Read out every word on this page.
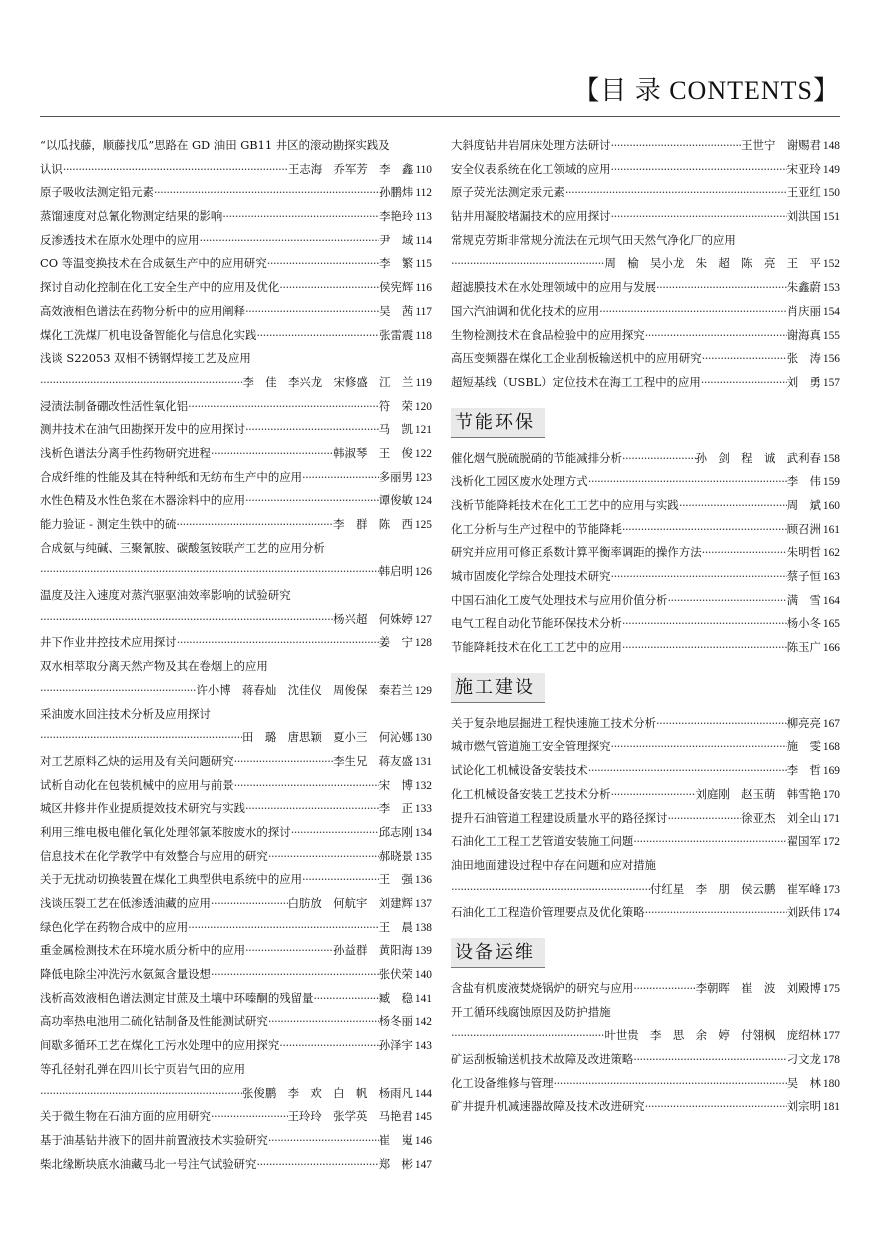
【目 录 CONTENTS】
“以瓜找藤，顺藤找瓜”思路在 GD 油田 GB11 井区的滚动勘探实践及
认识 ·····	王志海　乔军芳　李　鑫 110
原子吸收法测定铅元素 ·····	孙鹏炜 112
蒸馏速度对总氰化物测定结果的影响 ·····	李艳玲 113
反渗透技术在原水处理中的应用 ·····	尹　域 114
CO 等温变换技术在合成氨生产中的应用研究 ·····	李　繁 115
探讨自动化控制在化工安全生产中的应用及优化 ·····	侯宪辉 116
高效液相色谱法在药物分析中的应用阐释 ·····	吴　茜 117
煤化工洗煤厂机电设备智能化与信息化实践 ·····	张雷震 118
浅谈 S22053 双相不锈钢焊接工艺及应用
·····
李　佳　李兴龙　宋修盛　江　兰 119
浸渍法制备硼改性活性氧化铝 ·····	符　荣 120
测井技术在油气田勘探开发中的应用探讨 ·····	马　凯 121
浅析色谱法分离手性药物研究进程 ·····	韩淑琴　王　俊 122
合成纤维的性能及其在特种纸和无纺布生产中的应用 ·····	多丽男 123
水性色精及水性色浆在木器涂料中的应用 ·····	谭俊敏 124
能力验证 - 测定生铁中的硫 ·····	李　群　陈　西 125
合成氨与纯碱、三聚氰胺、碳酸氢铵联产工艺的应用分析
·····
韩启明 126
温度及注入速度对蒸汽驱驱油效率影响的试验研究
·····
杨兴超　何姝婷 127
井下作业井控技术应用探讨 ·····	姜　宁 128
双水相萃取分离天然产物及其在卷烟上的应用
·····
许小博　蒋春灿　沈佳仪　周俊保　秦若兰 129
采油废水回注技术分析及应用探讨
·····
田　璐　唐思颖　夏小三　何沁娜 130
对工艺原料乙炔的运用及有关问题研究 ·····	李生兄　蒋友盛 131
试析自动化在包装机械中的应用与前景 ·····	宋　博 132
城区井修井作业提质提效技术研究与实践 ·····	李　正 133
利用三维电极电催化氧化处理邻氯苯胺废水的探讨 ·····	邱志刚 134
信息技术在化学教学中有效整合与应用的研究 ·····	郝晓景 135
关于无扰动切换装置在煤化工典型供电系统中的应用 ·····	王　强 136
浅谈压裂工艺在低渗透油藏的应用 ·····	白肪放　何航宇　刘建辉 137
绿色化学在药物合成中的应用 ·····	王　晨 138
重金属检测技术在环境水质分析中的应用 ·····	孙益群　黄阳海 139
降低电除尘冲洗污水氨氮含量设想 ·····	张伏荣 140
浅析高效液相色谱法测定甘蔗及土壤中环嗪酮的残留量 ·····	臧　稳 141
高功率热电池用二硫化钴制备及性能测试研究 ·····	杨冬丽 142
间歇多循环工艺在煤化工污水处理中的应用探究 ·····	孙泽宇 143
等孔径射孔弹在四川长宁页岩气田的应用
·····
张俊鹏　李　欢　白　帆　杨雨凡 144
关于微生物在石油方面的应用研究 ·····	王玲玲　张学英　马艳君 145
基于油基钻井液下的固井前置液技术实验研究 ·····	崔　嵬 146
柴北缘断块底水油藏马北一号注气试验研究 ·····	郑　彬 147
大斜度钻井岩屑床处理方法研讨 ·····	王世宁　谢赐君 148
安全仪表系统在化工领域的应用 ·····	宋亚玲 149
原子荧光法测定汞元素 ·····	王亚红 150
钻井用凝胶堵漏技术的应用探讨 ·····	刘洪国 151
常规克劳斯非常规分流法在元坝气田天然气净化厂的应用
·····
周　榆　吴小龙　朱　超　陈　亮　王　平 152
超滤膜技术在水处理领域中的应用与发展 ·····	朱鑫蔚 153
国六汽油调和优化技术的应用 ·····	肖庆丽 154
生物检测技术在食品检验中的应用探究 ·····	谢海真 155
高压变频器在煤化工企业刮板输送机中的应用研究 ·····	张　涛 156
超短基线（USBL）定位技术在海工工程中的应用 ·····	刘　勇 157
节能环保
催化烟气脱硫脱硝的节能减排分析 ·····	孙　剑　程　诚　武利春 158
浅析化工园区废水处理方式 ·····	李　伟 159
浅析节能降耗技术在化工工艺中的应用与实践 ·····	周　斌 160
化工分析与生产过程中的节能降耗 ·····	顾召洲 161
研究并应用可修正系数计算平衡率调距的操作方法 ·····	朱明哲 162
城市固废化学综合处理技术研究 ·····	蔡子恒 163
中国石油化工废气处理技术与应用价值分析 ·····	满　雪 164
电气工程自动化节能环保技术分析 ·····	杨小冬 165
节能降耗技术在化工工艺中的应用 ·····	陈玉广 166
施工建设
关于复杂地层掘进工程快速施工技术分析 ·····	柳亮亮 167
城市燃气管道施工安全管理探究 ·····	施　雯 168
试论化工机械设备安装技术 ·····	李　哲 169
化工机械设备安装工艺技术分析 ·····	刘庭刚　赵玉萌　韩雪艳 170
提升石油管道工程建设质量水平的路径探讨 ·····	徐亚杰　刘全山 171
石油化工工程工艺管道安装施工问题 ·····	翟国军 172
油田地面建设过程中存在问题和应对措施
·····
付红星　李　朋　侯云鹏　崔军峰 173
石油化工工程造价管理要点及优化策略 ·····	刘跃伟 174
设备运维
含盐有机废液焚烧锅炉的研究与应用 ·····	李朝晖　崔　波　刘殿博 175
开工循环线腐蚀原因及防护措施
·····
叶世贵　李　思　余　婷　付翎枫　庞绍林 177
矿运刮板输送机技术故障及改进策略 ·····	刁文龙 178
化工设备维修与管理 ·····	吴　林 180
矿井提升机减速器故障及技术改进研究 ·····	刘宗明 181
